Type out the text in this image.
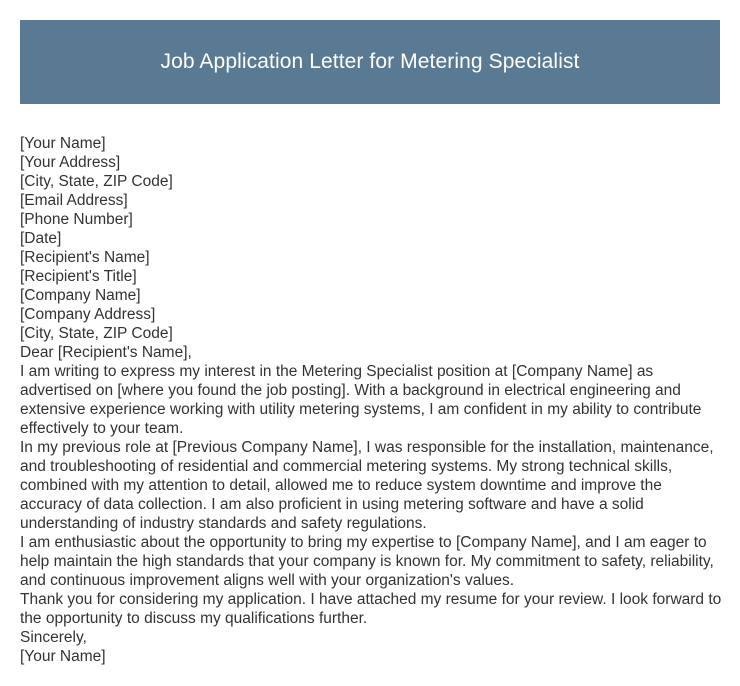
Job Application Letter for Metering Specialist
[Your Name]
[Your Address]
[City, State, ZIP Code]
[Email Address]
[Phone Number]
[Date]
[Recipient's Name]
[Recipient's Title]
[Company Name]
[Company Address]
[City, State, ZIP Code]
Dear [Recipient's Name],
I am writing to express my interest in the Metering Specialist position at [Company Name] as advertised on [where you found the job posting]. With a background in electrical engineering and extensive experience working with utility metering systems, I am confident in my ability to contribute effectively to your team.
In my previous role at [Previous Company Name], I was responsible for the installation, maintenance, and troubleshooting of residential and commercial metering systems. My strong technical skills, combined with my attention to detail, allowed me to reduce system downtime and improve the accuracy of data collection. I am also proficient in using metering software and have a solid understanding of industry standards and safety regulations.
I am enthusiastic about the opportunity to bring my expertise to [Company Name], and I am eager to help maintain the high standards that your company is known for. My commitment to safety, reliability, and continuous improvement aligns well with your organization's values.
Thank you for considering my application. I have attached my resume for your review. I look forward to the opportunity to discuss my qualifications further.
Sincerely,
[Your Name]
